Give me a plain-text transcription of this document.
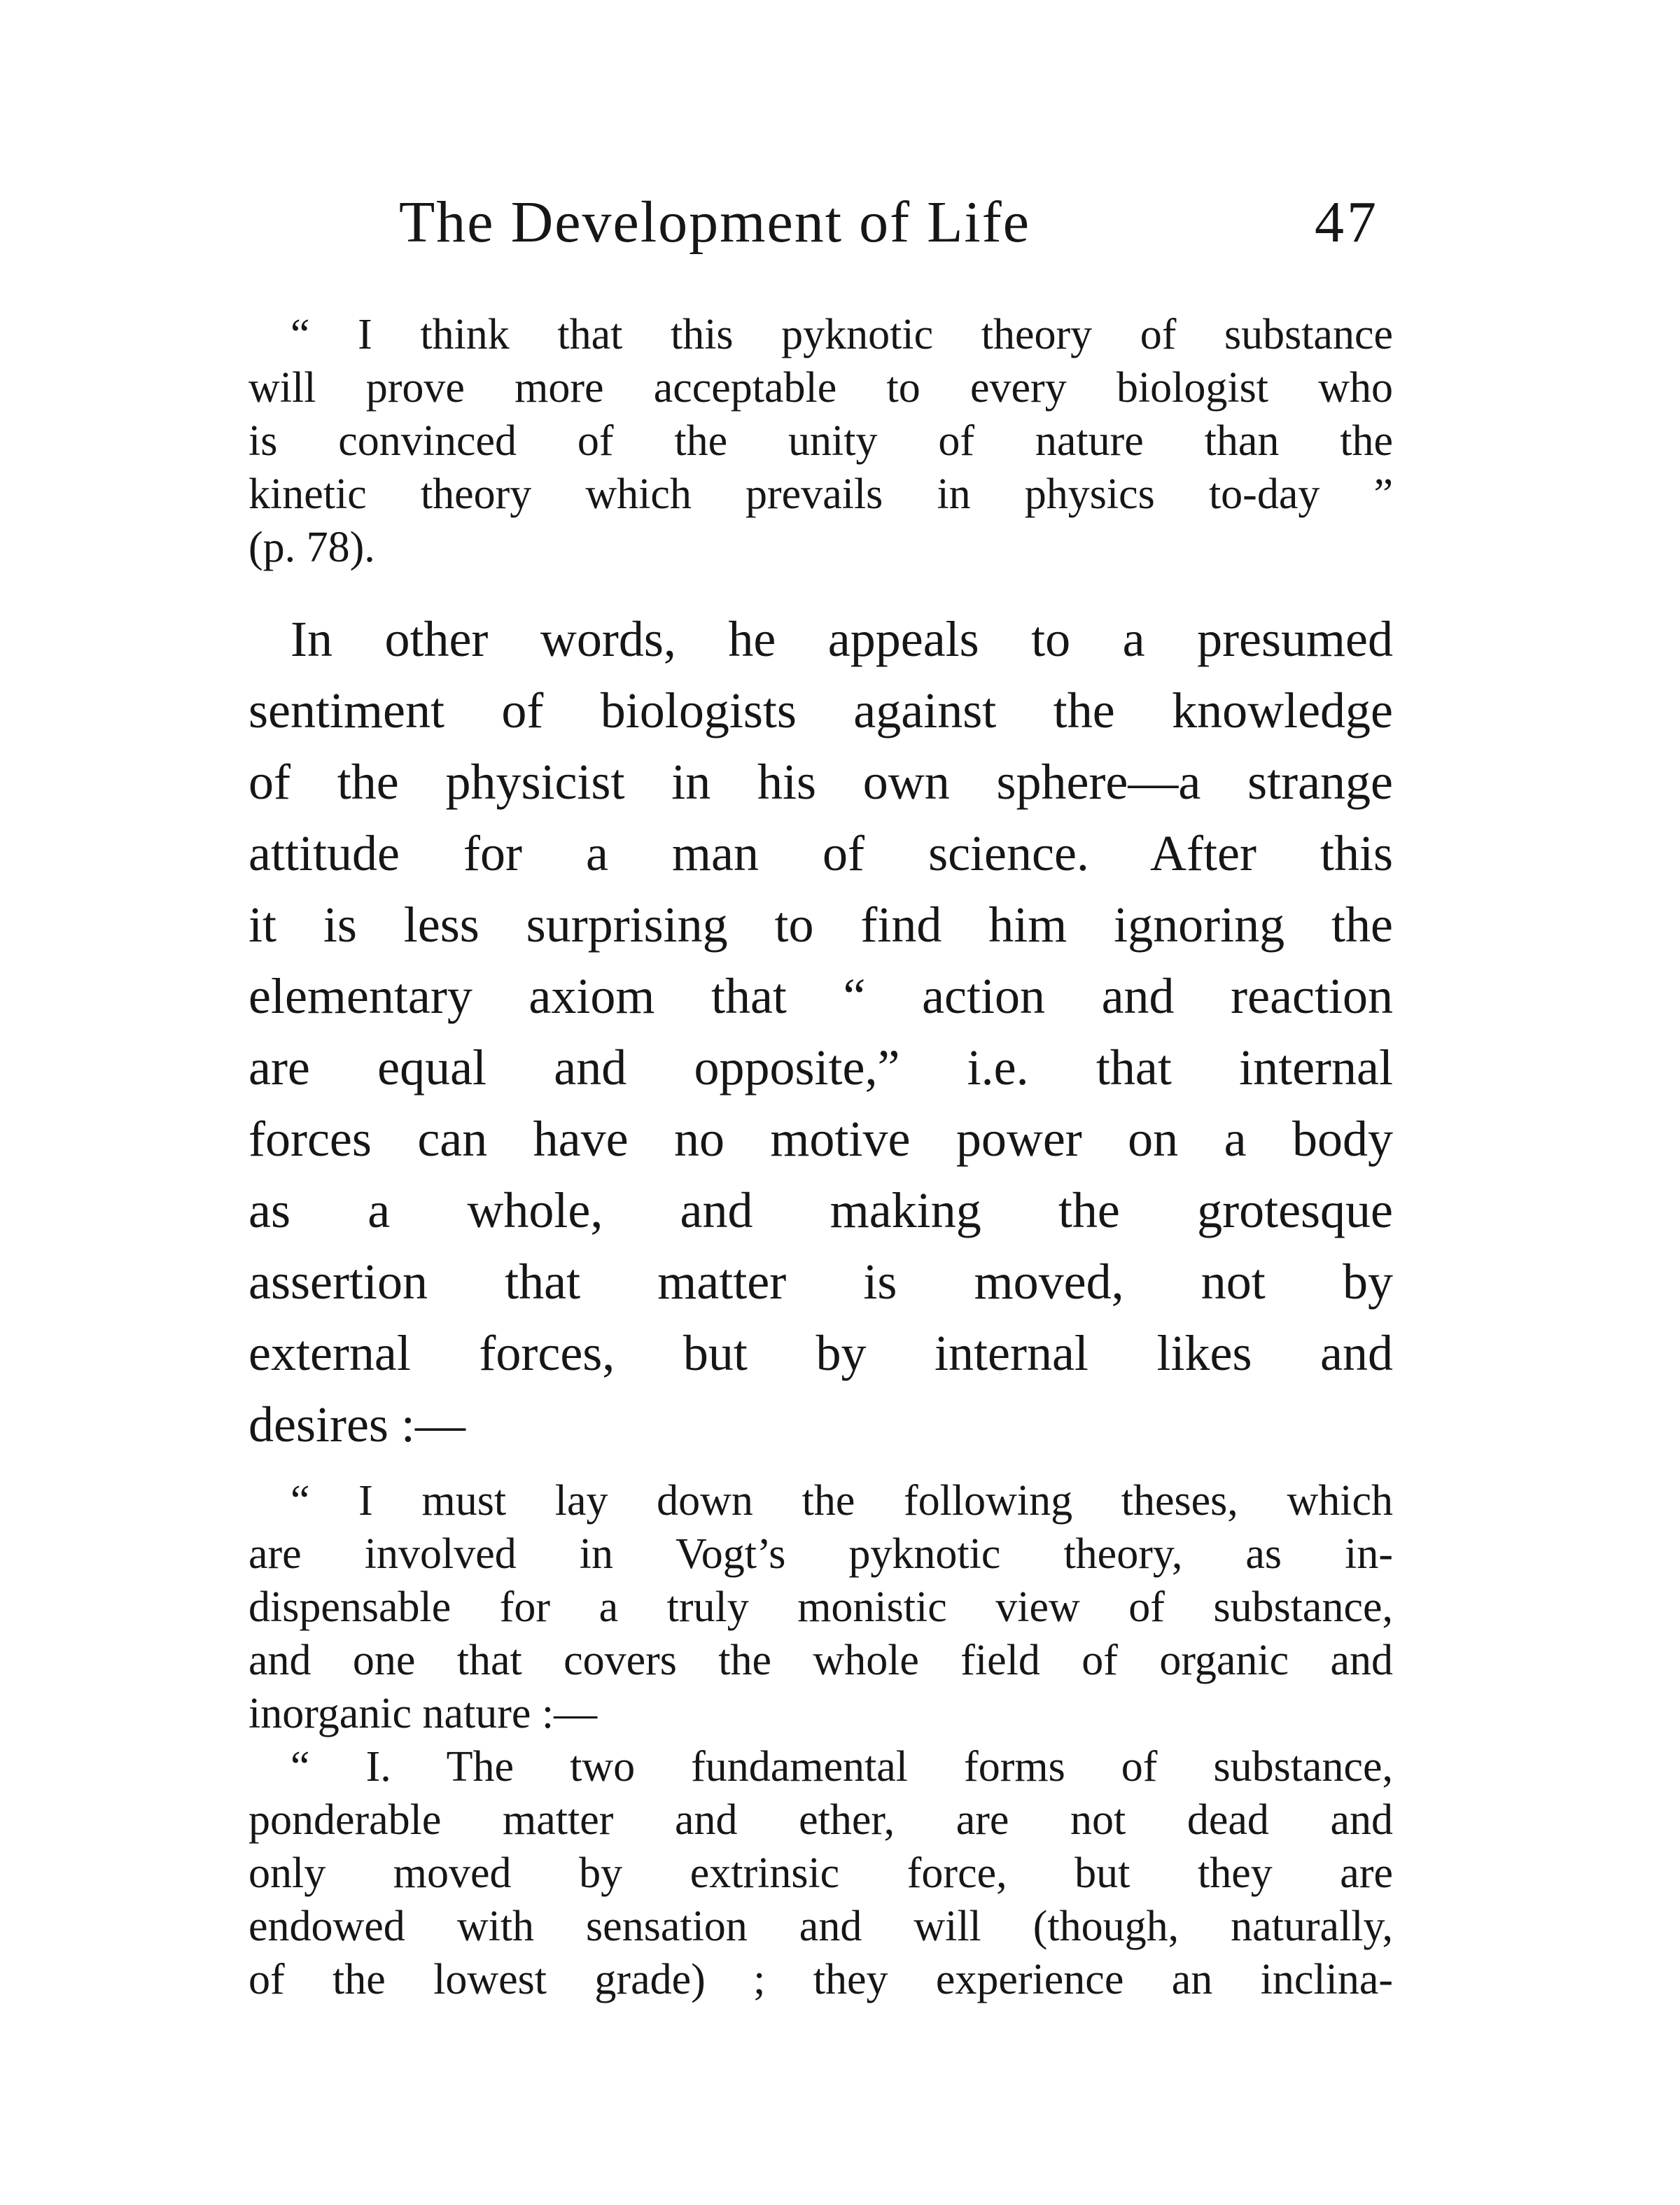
The Development of Life	47
“ I think that this pyknotic theory of substance
will prove more acceptable to every biologist who
is convinced of the unity of nature than the
kinetic theory which prevails in physics to-day ”
(p. 78).
In other words, he appeals to a presumed
sentiment of biologists against the knowledge
of the physicist in his own sphere—a strange
attitude for a man of science. After this
it is less surprising to find him ignoring the
elementary axiom that “ action and reaction
are equal and opposite,” i.e. that internal
forces can have no motive power on a body
as a whole, and making the grotesque
assertion that matter is moved, not by
external forces, but by internal likes and
desires :—
“ I must lay down the following theses, which
are involved in Vogt’s pyknotic theory, as in-
dispensable for a truly monistic view of substance,
and one that covers the whole field of organic and
inorganic nature :—
“ I. The two fundamental forms of substance,
ponderable matter and ether, are not dead and
only moved by extrinsic force, but they are
endowed with sensation and will (though, naturally,
of the lowest grade) ; they experience an inclina-
